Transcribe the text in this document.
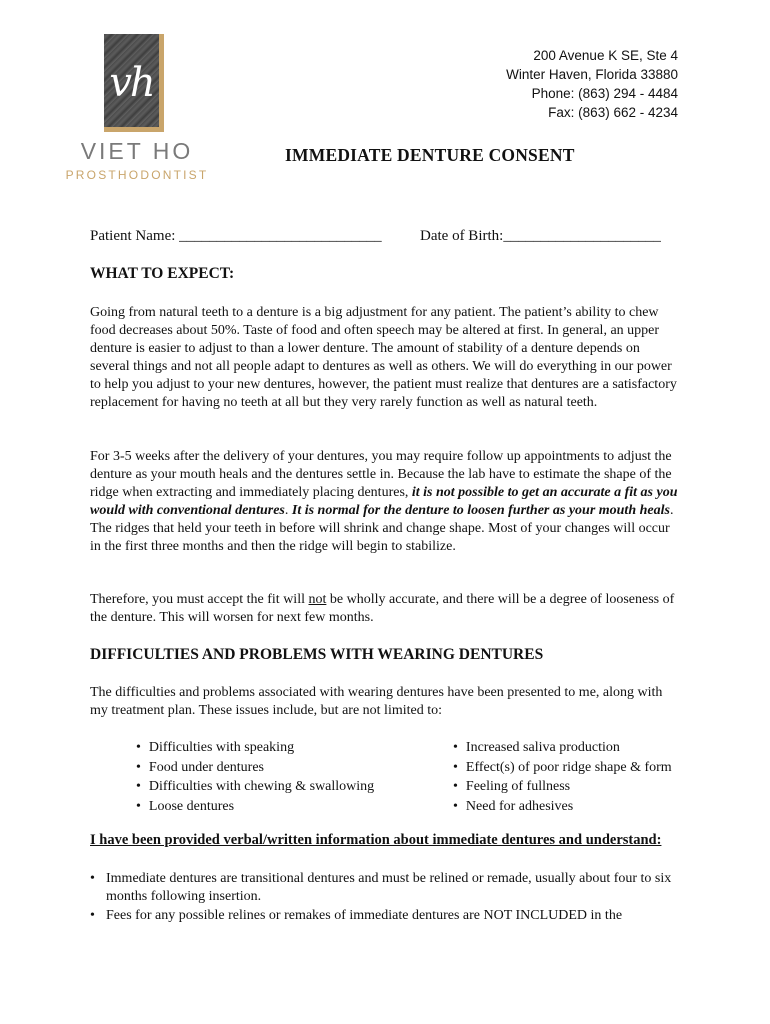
vh
VIET HO
PROSTHODONTIST
200 Avenue K SE, Ste 4
Winter Haven, Florida 33880
Phone: (863) 294 - 4484
Fax: (863) 662 - 4234
IMMEDIATE DENTURE CONSENT
Patient Name: ___________________________	Date of Birth:_____________________
WHAT TO EXPECT:
Going from natural teeth to a denture is a big adjustment for any patient. The patient’s ability to chew food decreases about 50%. Taste of food and often speech may be altered at first. In general, an upper denture is easier to adjust to than a lower denture. The amount of stability of a denture depends on several things and not all people adapt to dentures as well as others. We will do everything in our power to help you adjust to your new dentures, however, the patient must realize that dentures are a satisfactory replacement for having no teeth at all but they very rarely function as well as natural teeth.
For 3-5 weeks after the delivery of your dentures, you may require follow up appointments to adjust the denture as your mouth heals and the dentures settle in. Because the lab have to estimate the shape of the ridge when extracting and immediately placing dentures, it is not possible to get an accurate a fit as you would with conventional dentures. It is normal for the denture to loosen further as your mouth heals. The ridges that held your teeth in before will shrink and change shape. Most of your changes will occur in the first three months and then the ridge will begin to stabilize.
Therefore, you must accept the fit will not be wholly accurate, and there will be a degree of looseness of the denture. This will worsen for next few months.
DIFFICULTIES AND PROBLEMS WITH WEARING DENTURES
The difficulties and problems associated with wearing dentures have been presented to me, along with my treatment plan. These issues include, but are not limited to:
• Difficulties with speaking
• Food under dentures
• Difficulties with chewing & swallowing
• Loose dentures
• Increased saliva production
• Effect(s) of poor ridge shape & form
• Feeling of fullness
• Need for adhesives
I have been provided verbal/written information about immediate dentures and understand:
• Immediate dentures are transitional dentures and must be relined or remade, usually about four to six months following insertion.
• Fees for any possible relines or remakes of immediate dentures are NOT INCLUDED in the
